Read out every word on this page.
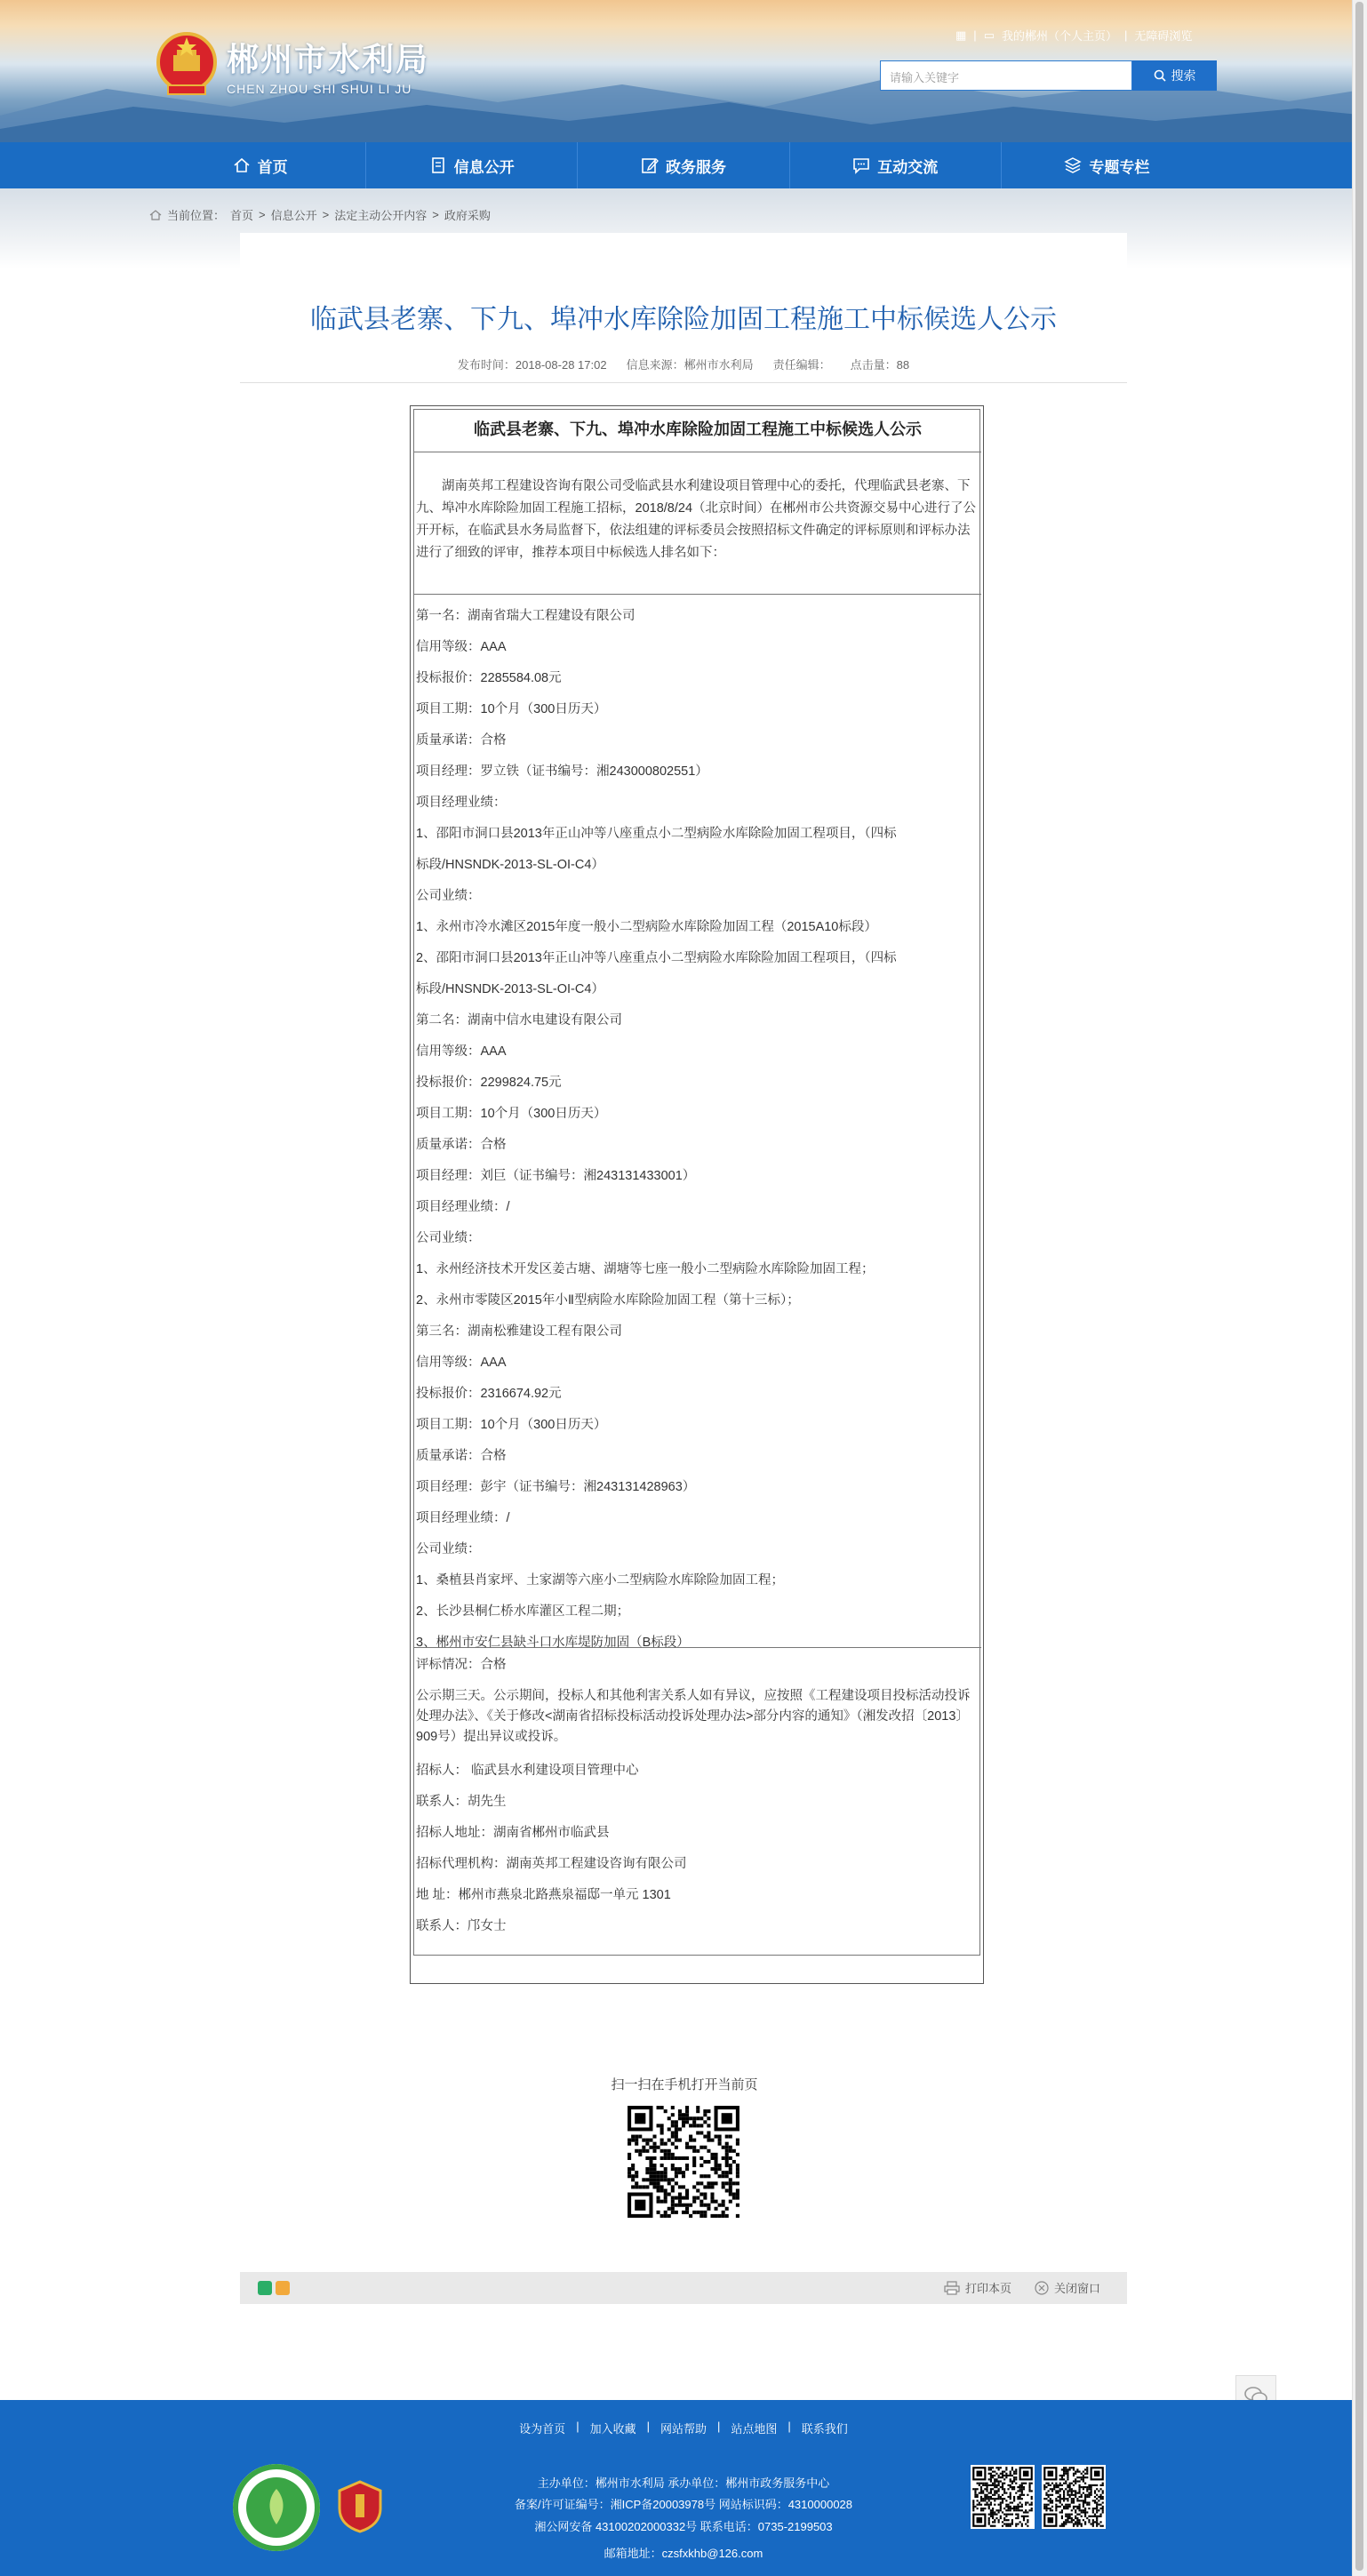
郴州市水利局
CHEN ZHOU SHI SHUI LI JU
▦ | ▭ 我的郴州（个人主页） | 无障碍浏览
请输入关键字	搜索
首页	信息公开	政务服务	互动交流	专题专栏
当前位置： 首页 > 信息公开 > 法定主动公开内容 > 政府采购
临武县老寨、下九、埠冲水库除险加固工程施工中标候选人公示
发布时间：2018-08-28 17:02 信息来源：郴州市水利局 责任编辑： 点击量：88
临武县老寨、下九、埠冲水库除险加固工程施工中标候选人公示
湖南英邦工程建设咨询有限公司受临武县水利建设项目管理中心的委托，代理临武县老寨、下九、埠冲水库除险加固工程施工招标，2018/8/24（北京时间）在郴州市公共资源交易中心进行了公开开标，在临武县水务局监督下，依法组建的评标委员会按照招标文件确定的评标原则和评标办法进行了细致的评审，推荐本项目中标候选人排名如下：
第一名：湖南省瑞大工程建设有限公司
信用等级：AAA
投标报价：2285584.08元
项目工期：10个月（300日历天）
质量承诺：合格
项目经理：罗立铁（证书编号：湘243000802551）
项目经理业绩：
1、邵阳市洞口县2013年正山冲等八座重点小二型病险水库除险加固工程项目，（四标
标段/HNSNDK-2013-SL-OI-C4）
公司业绩：
1、永州市冷水滩区2015年度一般小二型病险水库除险加固工程（2015A10标段）
2、邵阳市洞口县2013年正山冲等八座重点小二型病险水库除险加固工程项目，（四标
标段/HNSNDK-2013-SL-OI-C4）
第二名：湖南中信水电建设有限公司
信用等级：AAA
投标报价：2299824.75元
项目工期：10个月（300日历天）
质量承诺：合格
项目经理：刘巨（证书编号：湘243131433001）
项目经理业绩：/
公司业绩：
1、永州经济技术开发区姜古塘、湖塘等七座一般小二型病险水库除险加固工程；
2、永州市零陵区2015年小Ⅱ型病险水库除险加固工程（第十三标）；
第三名：湖南松雅建设工程有限公司
信用等级：AAA
投标报价：2316674.92元
项目工期：10个月（300日历天）
质量承诺：合格
项目经理：彭宇（证书编号：湘243131428963）
项目经理业绩：/
公司业绩：
1、桑植县肖家坪、土家湖等六座小二型病险水库除险加固工程；
2、长沙县桐仁桥水库灌区工程二期；
3、郴州市安仁县缺斗口水库堤防加固（B标段）
评标情况：合格
公示期三天。公示期间，投标人和其他利害关系人如有异议，应按照《工程建设项目投标活动投诉处理办法》、《关于修改<湖南省招标投标活动投诉处理办法>部分内容的通知》（湘发改招〔2013〕909号）提出异议或投诉。
招标人： 临武县水利建设项目管理中心
联系人：胡先生
招标人地址：湖南省郴州市临武县
招标代理机构：湖南英邦工程建设咨询有限公司
地 址：郴州市燕泉北路燕泉福邸一单元 1301
联系人：邝女士
扫一扫在手机打开当前页
打印本页	关闭窗口
设为首页 | 加入收藏 | 网站帮助 | 站点地图 | 联系我们
主办单位：郴州市水利局 承办单位：郴州市政务服务中心
备案/许可证编号：湘ICP备20003978号 网站标识码：4310000028
湘公网安备 43100202000332号 联系电话：0735-2199503
邮箱地址：czsfxkhb@126.com
